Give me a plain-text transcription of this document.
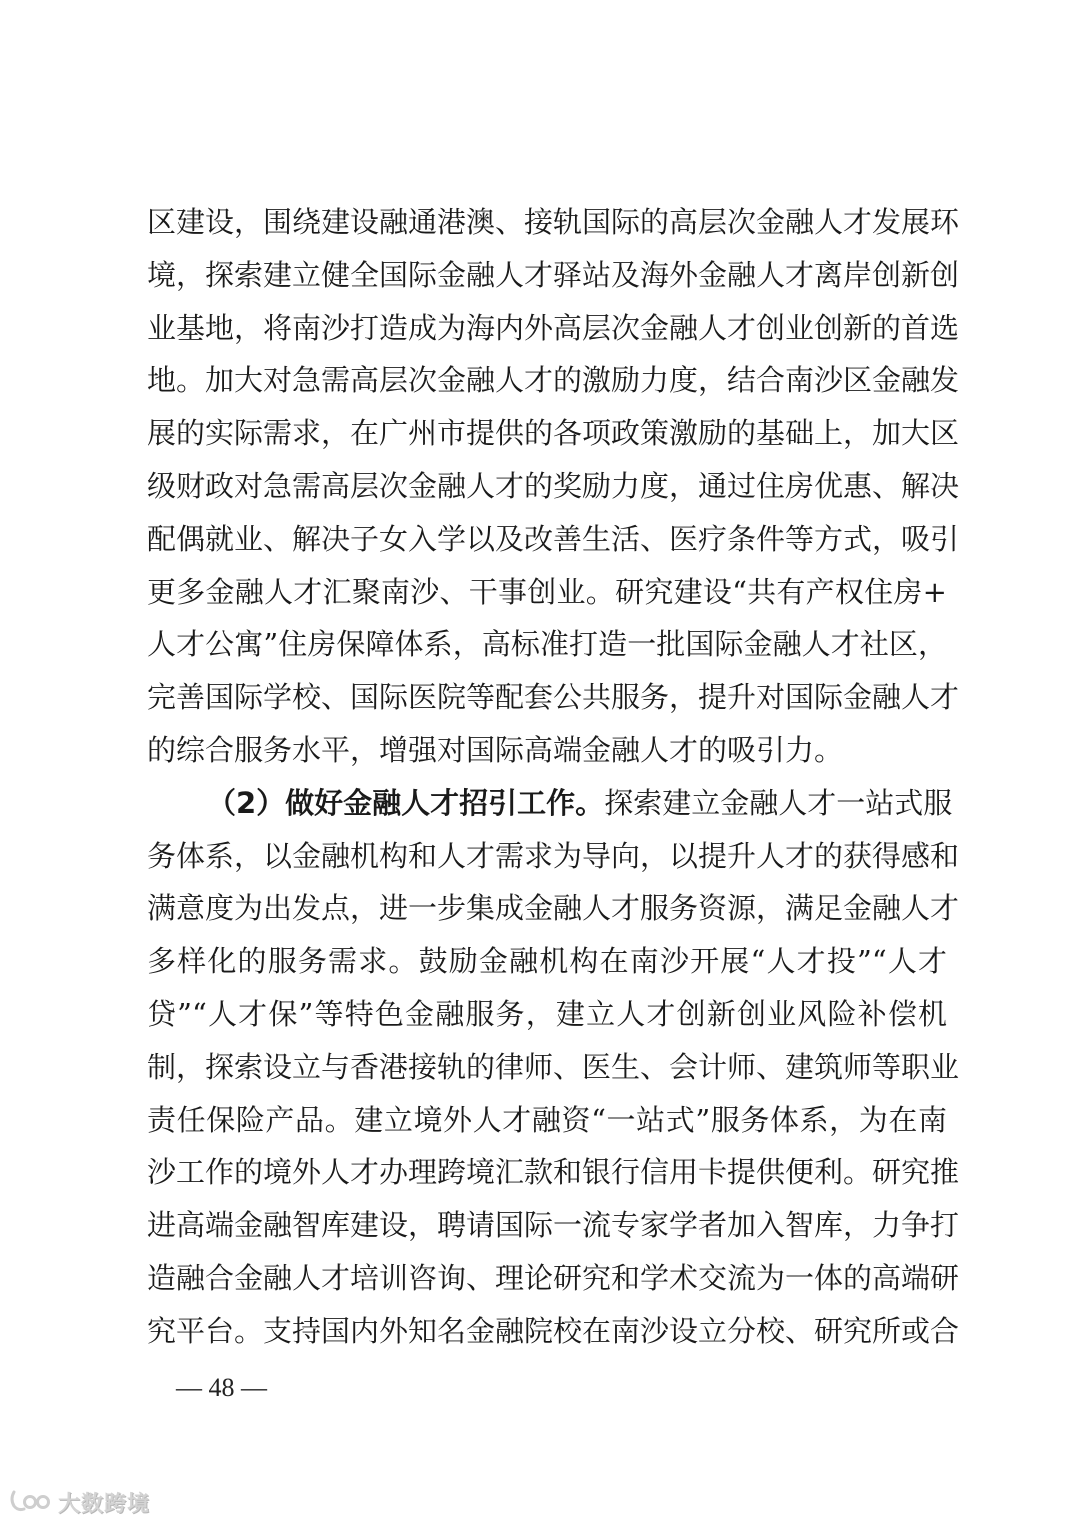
区建设，围绕建设融通港澳、接轨国际的高层次金融人才发展环
境，探索建立健全国际金融人才驿站及海外金融人才离岸创新创
业基地，将南沙打造成为海内外高层次金融人才创业创新的首选
地。加大对急需高层次金融人才的激励力度，结合南沙区金融发
展的实际需求，在广州市提供的各项政策激励的基础上，加大区
级财政对急需高层次金融人才的奖励力度，通过住房优惠、解决
配偶就业、解决子女入学以及改善生活、医疗条件等方式，吸引
更多金融人才汇聚南沙、干事创业。研究建设“共有产权住房+
人才公寓”住房保障体系，高标准打造一批国际金融人才社区，
完善国际学校、国际医院等配套公共服务，提升对国际金融人才
的综合服务水平，增强对国际高端金融人才的吸引力。
（2）做好金融人才招引工作。探索建立金融人才一站式服
务体系，以金融机构和人才需求为导向，以提升人才的获得感和
满意度为出发点，进一步集成金融人才服务资源，满足金融人才
多样化的服务需求。鼓励金融机构在南沙开展“人才投”“人才
贷”“人才保”等特色金融服务，建立人才创新创业风险补偿机
制，探索设立与香港接轨的律师、医生、会计师、建筑师等职业
责任保险产品。建立境外人才融资“一站式”服务体系，为在南
沙工作的境外人才办理跨境汇款和银行信用卡提供便利。研究推
进高端金融智库建设，聘请国际一流专家学者加入智库，力争打
造融合金融人才培训咨询、理论研究和学术交流为一体的高端研
究平台。支持国内外知名金融院校在南沙设立分校、研究所或合
— 48 —
大数跨境
